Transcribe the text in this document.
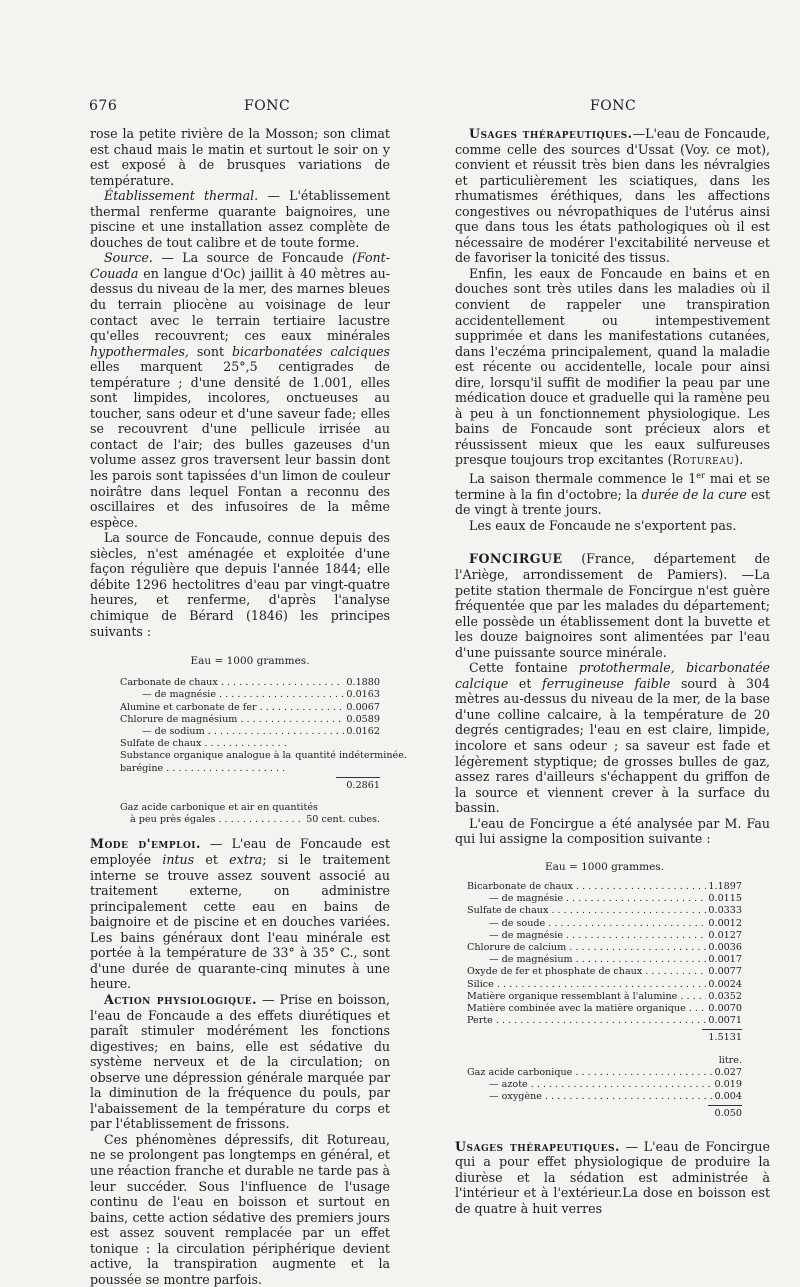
676	FONC	FONC

rose la petite rivière de la Mosson; son climat est chaud mais le matin et surtout le soir on y est exposé à de brusques variations de température.

Établissement thermal. — L'établissement thermal renferme quarante baignoires, une piscine et une installation assez complète de douches de tout calibre et de toute forme.

Source. — La source de Foncaude (Font-Couada en langue d'Oc) jaillit à 40 mètres au-dessus du niveau de la mer, des marnes bleues du terrain pliocène au voisinage de leur contact avec le terrain tertiaire lacustre qu'elles recouvrent; ces eaux minérales hypothermales, sont bicarbonatées calciques elles marquent 25°,5 centigrades de température ; d'une densité de 1.001, elles sont limpides, incolores, onctueuses au toucher, sans odeur et d'une saveur fade; elles se recouvrent d'une pellicule irrisée au contact de l'air; des bulles gazeuses d'un volume assez gros traversent leur bassin dont les parois sont tapissées d'un limon de couleur noirâtre dans lequel Fontan a reconnu des oscillaires et des infusoires de la même espèce.

La source de Foncaude, connue depuis des siècles, n'est aménagée et exploitée d'une façon régulière que depuis l'année 1844; elle débite 1296 hectolitres d'eau par vingt-quatre heures, et renferme, d'après l'analyse chimique de Bérard (1846) les principes suivants :

Eau = 1000 grammes.
Carbonate de chaux . . .	0.1880
— de magnésie . . .	0.0163
Alumine et carbonate de fer . . .	0.0067
Chlorure de magnésium . . .	0.0589
— de sodium . . .	0.0162
Sulfate de chaux . . .
Substance organique analogue à la quantité indéterminée.
barégine . . .
0.2861
Gaz acide carbonique et air en quantités
à peu près égales . . .	50 cent. cubes.

Mode d'emploi. — L'eau de Foncaude est employée intus et extra; si le traitement interne se trouve assez souvent associé au traitement externe, on administre principalement cette eau en bains de baignoire et de piscine et en douches variées. Les bains généraux dont l'eau minérale est portée à la température de 33° à 35° C., sont d'une durée de quarante-cinq minutes à une heure.

Action physiologique. — Prise en boisson, l'eau de Foncaude a des effets diurétiques et paraît stimuler modérément les fonctions digestives; en bains, elle est sédative du système nerveux et de la circulation; on observe une dépression générale marquée par la diminution de la fréquence du pouls, par l'abaissement de la température du corps et par l'établissement de frissons.

Ces phénomènes dépressifs, dit Rotureau, ne se prolongent pas longtemps en général, et une réaction franche et durable ne tarde pas à leur succéder. Sous l'influence de l'usage continu de l'eau en boisson et surtout en bains, cette action sédative des premiers jours est assez souvent remplacée par un effet tonique : la circulation périphérique devient active, la transpiration augmente et la poussée se montre parfois.

Usages thérapeutiques.—L'eau de Foncaude, comme celle des sources d'Ussat (Voy. ce mot), convient et réussit très bien dans les névralgies et particulièrement les sciatiques, dans les rhumatismes éréthiques, dans les affections congestives ou névropathiques de l'utérus ainsi que dans tous les états pathologiques où il est nécessaire de modérer l'excitabilité nerveuse et de favoriser la tonicité des tissus.

Enfin, les eaux de Foncaude en bains et en douches sont très utiles dans les maladies où il convient de rappeler une transpiration accidentellement ou intempestivement supprimée et dans les manifestations cutanées, dans l'eczéma principalement, quand la maladie est récente ou accidentelle, locale pour ainsi dire, lorsqu'il suffit de modifier la peau par une médication douce et graduelle qui la ramène peu à peu à un fonctionnement physiologique. Les bains de Foncaude sont précieux alors et réussissent mieux que les eaux sulfureuses presque toujours trop excitantes (Rotureau).

La saison thermale commence le 1er mai et se termine à la fin d'octobre; la durée de la cure est de vingt à trente jours.

Les eaux de Foncaude ne s'exportent pas.

FONCIRGUE (France, département de l'Ariège, arrondissement de Pamiers). —La petite station thermale de Foncirgue n'est guère fréquentée que par les malades du département; elle possède un établissement dont la buvette et les douze baignoires sont alimentées par l'eau d'une puissante source minérale.

Cette fontaine protothermale, bicarbonatée calcique et ferrugineuse faible sourd à 304 mètres au-dessus du niveau de la mer, de la base d'une colline calcaire, à la température de 20 degrés centigrades; l'eau en est claire, limpide, incolore et sans odeur ; sa saveur est fade et légèrement styptique; de grosses bulles de gaz, assez rares d'ailleurs s'échappent du griffon de la source et viennent crever à la surface du bassin.

L'eau de Foncirgue a été analysée par M. Fau qui lui assigne la composition suivante :

Eau = 1000 grammes.
Bicarbonate de chaux . . .	1.1897
— de magnésie . . .	0.0115
Sulfate de chaux . . .	0.0333
— de soude . . .	0.0012
— de magnésie . . .	0.0127
Chlorure de calcium . . .	0.0036
— de magnésium . . .	0.0017
Oxyde de fer et phosphate de chaux . . .	0.0077
Silice . . .	0.0024
Matière organique ressemblant à l'alumine . . .	0.0352
Matière combinée avec la matière organique . . .	0.0070
Perte . . .	0.0071
1.5131
litre.
Gaz acide carbonique . . .	0.027
— azote . . .	0.019
— oxygène . . .	0.004
0.050

Usages thérapeutiques. — L'eau de Foncirgue qui a pour effet physiologique de produire la diurèse et la sédation est administrée à l'intérieur et à l'extérieur.La dose en boisson est de quatre à huit verres
